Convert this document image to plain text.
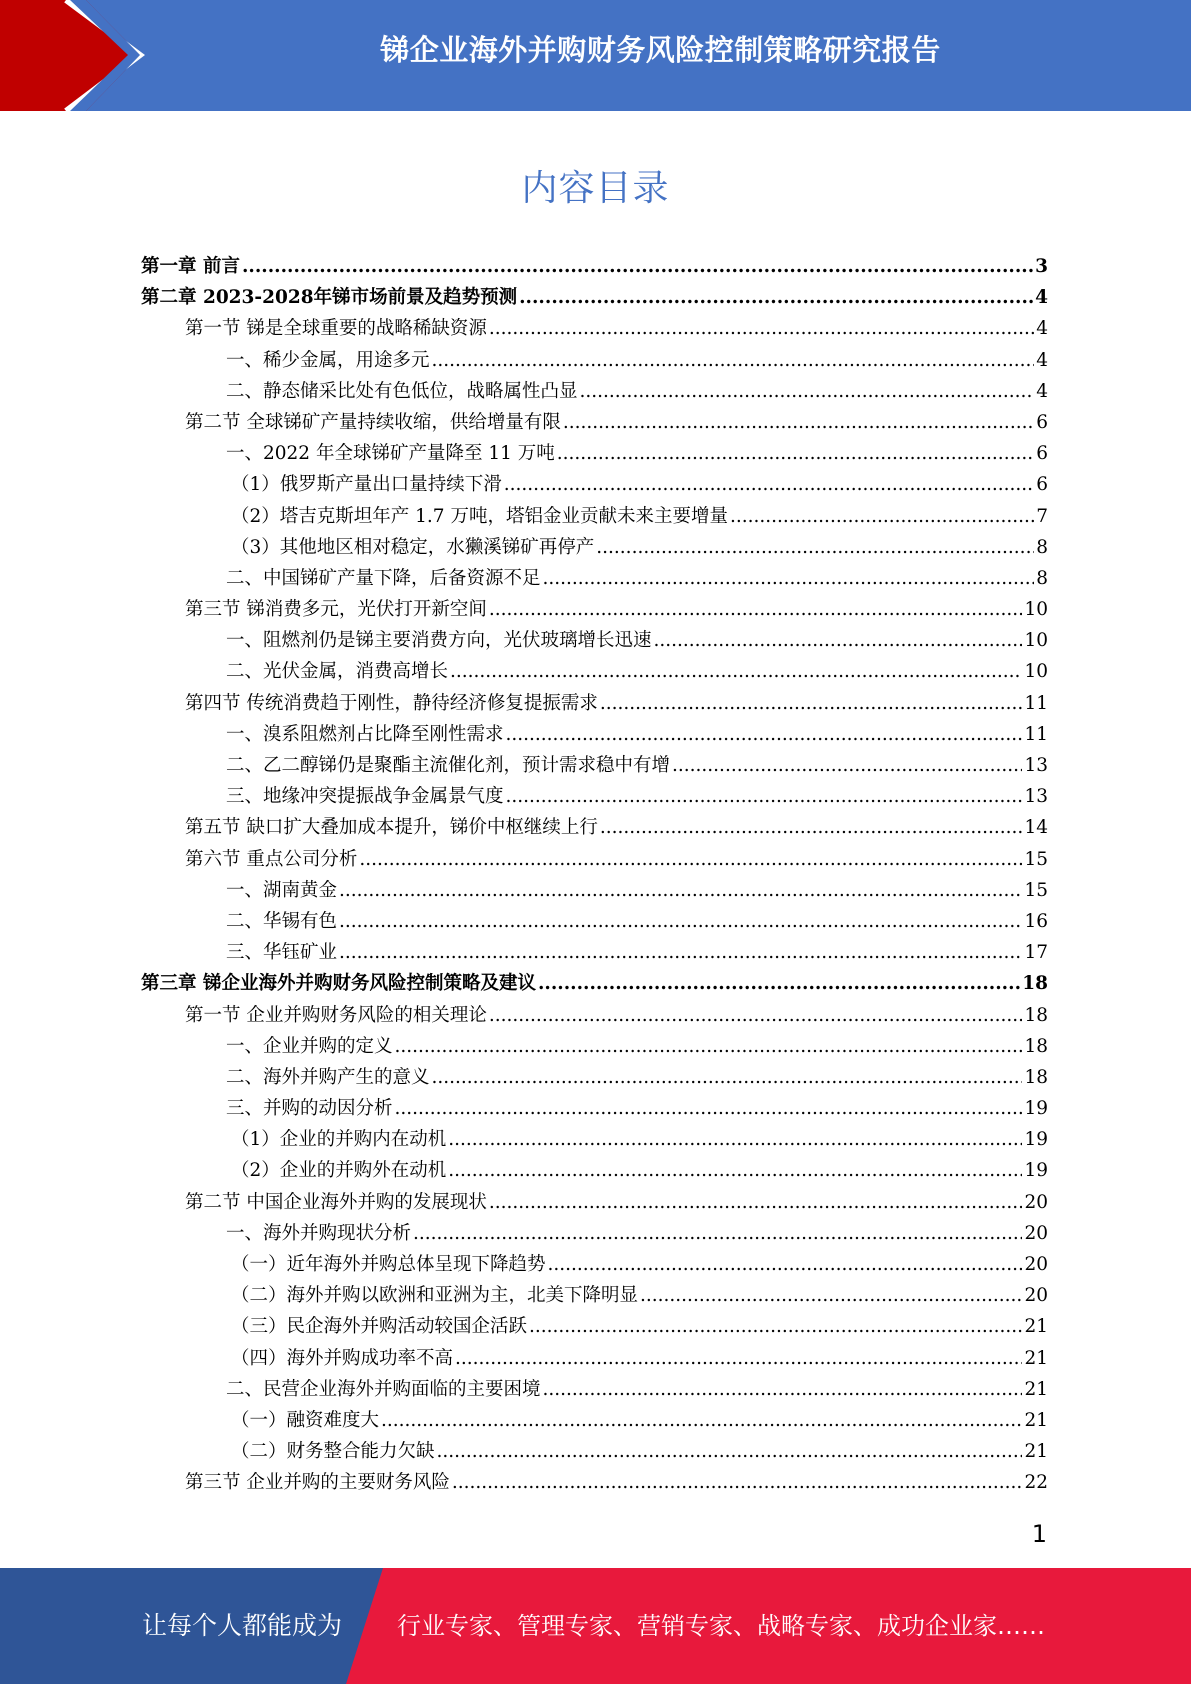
锑企业海外并购财务风险控制策略研究报告
内容目录
第一章 前言 .....	3
第二章 2023-2028年锑市场前景及趋势预测 .....	4
第一节 锑是全球重要的战略稀缺资源 .....	4
一、稀少金属，用途多元 .....	4
二、静态储采比处有色低位，战略属性凸显 .....	4
第二节 全球锑矿产量持续收缩，供给增量有限 .....	6
一、2022 年全球锑矿产量降至 11 万吨 .....	6
（1）俄罗斯产量出口量持续下滑 .....	6
（2）塔吉克斯坦年产 1.7 万吨，塔铝金业贡献未来主要增量 .....	7
（3）其他地区相对稳定，水獭溪锑矿再停产 .....	8
二、中国锑矿产量下降，后备资源不足 .....	8
第三节 锑消费多元，光伏打开新空间 .....	10
一、阻燃剂仍是锑主要消费方向，光伏玻璃增长迅速 .....	10
二、光伏金属，消费高增长 .....	10
第四节 传统消费趋于刚性，静待经济修复提振需求 .....	11
一、溴系阻燃剂占比降至刚性需求 .....	11
二、乙二醇锑仍是聚酯主流催化剂，预计需求稳中有增 .....	13
三、地缘冲突提振战争金属景气度 .....	13
第五节 缺口扩大叠加成本提升，锑价中枢继续上行 .....	14
第六节 重点公司分析 .....	15
一、湖南黄金 .....	15
二、华锡有色 .....	16
三、华钰矿业 .....	17
第三章 锑企业海外并购财务风险控制策略及建议 .....	18
第一节 企业并购财务风险的相关理论 .....	18
一、企业并购的定义 .....	18
二、海外并购产生的意义 .....	18
三、并购的动因分析 .....	19
（1）企业的并购内在动机 .....	19
（2）企业的并购外在动机 .....	19
第二节 中国企业海外并购的发展现状 .....	20
一、海外并购现状分析 .....	20
（一）近年海外并购总体呈现下降趋势 .....	20
（二）海外并购以欧洲和亚洲为主，北美下降明显 .....	20
（三）民企海外并购活动较国企活跃 .....	21
（四）海外并购成功率不高 .....	21
二、民营企业海外并购面临的主要困境 .....	21
（一）融资难度大 .....	21
（二）财务整合能力欠缺 .....	21
第三节 企业并购的主要财务风险 .....	22
1
让每个人都能成为 行业专家、管理专家、营销专家、战略专家、成功企业家……
